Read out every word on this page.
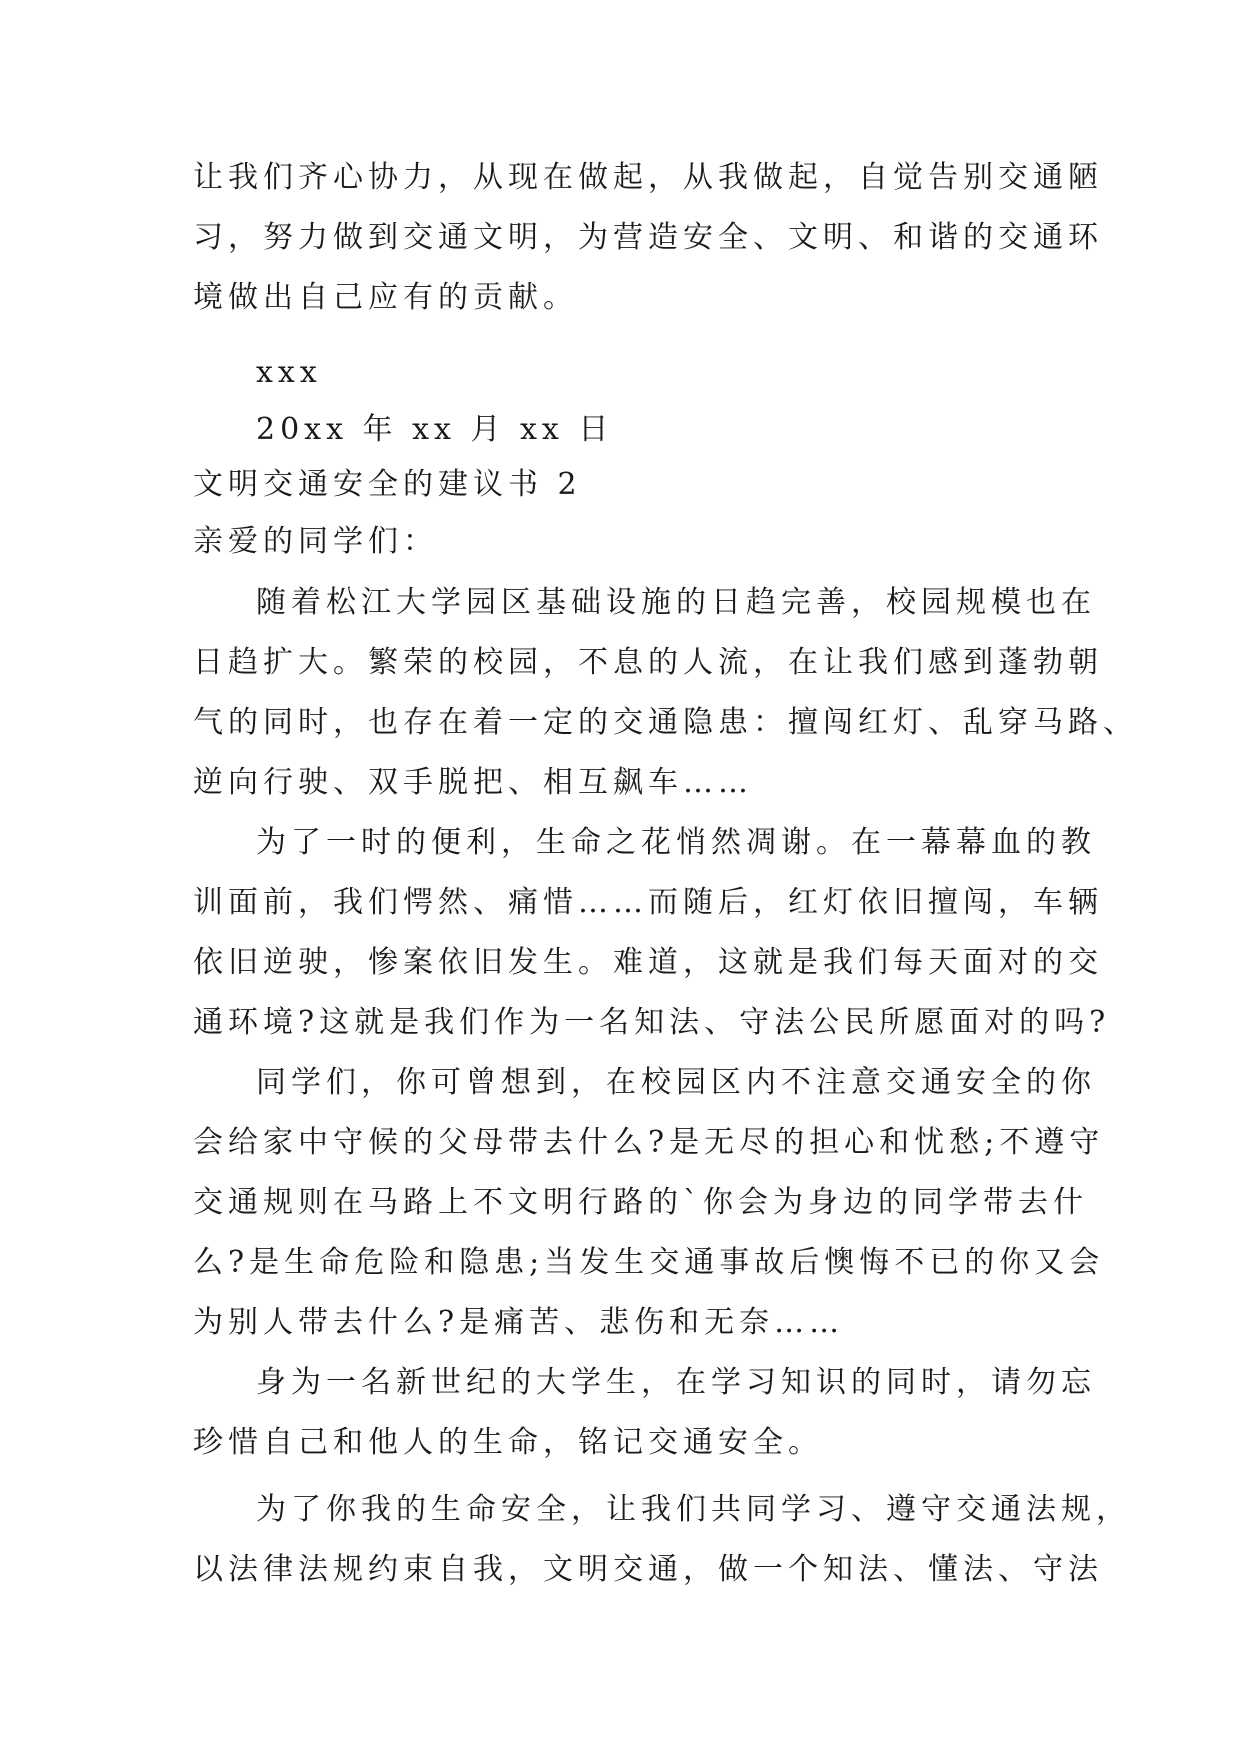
让我们齐心协力，从现在做起，从我做起，自觉告别交通陋
习，努力做到交通文明，为营造安全、文明、和谐的交通环
境做出自己应有的贡献。
xxx
20xx 年 xx 月 xx 日
文明交通安全的建议书 2
亲爱的同学们：
随着松江大学园区基础设施的日趋完善，校园规模也在
日趋扩大。繁荣的校园，不息的人流，在让我们感到蓬勃朝
气的同时，也存在着一定的交通隐患：擅闯红灯、乱穿马路、
逆向行驶、双手脱把、相互飙车……
为了一时的便利，生命之花悄然凋谢。在一幕幕血的教
训面前，我们愕然、痛惜……而随后，红灯依旧擅闯，车辆
依旧逆驶，惨案依旧发生。难道，这就是我们每天面对的交
通环境?这就是我们作为一名知法、守法公民所愿面对的吗?
同学们，你可曾想到，在校园区内不注意交通安全的你
会给家中守候的父母带去什么?是无尽的担心和忧愁;不遵守
交通规则在马路上不文明行路的`你会为身边的同学带去什
么?是生命危险和隐患;当发生交通事故后懊悔不已的你又会
为别人带去什么?是痛苦、悲伤和无奈……
身为一名新世纪的大学生，在学习知识的同时，请勿忘
珍惜自己和他人的生命，铭记交通安全。
为了你我的生命安全，让我们共同学习、遵守交通法规，
以法律法规约束自我，文明交通，做一个知法、懂法、守法
